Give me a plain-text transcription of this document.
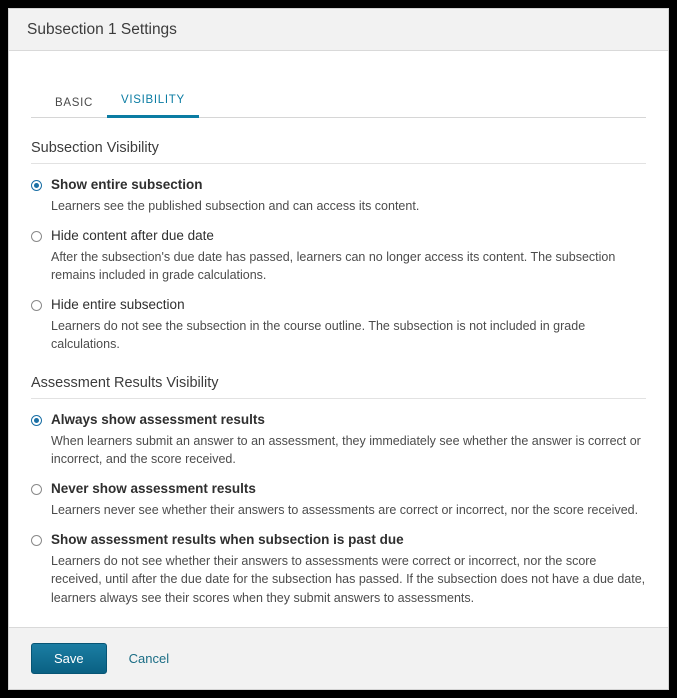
Subsection 1 Settings
BASIC	VISIBILITY
Subsection Visibility
Show entire subsection
Learners see the published subsection and can access its content.
Hide content after due date
After the subsection's due date has passed, learners can no longer access its content. The subsection remains included in grade calculations.
Hide entire subsection
Learners do not see the subsection in the course outline. The subsection is not included in grade calculations.
Assessment Results Visibility
Always show assessment results
When learners submit an answer to an assessment, they immediately see whether the answer is correct or incorrect, and the score received.
Never show assessment results
Learners never see whether their answers to assessments are correct or incorrect, nor the score received.
Show assessment results when subsection is past due
Learners do not see whether their answers to assessments were correct or incorrect, nor the score received, until after the due date for the subsection has passed. If the subsection does not have a due date, learners always see their scores when they submit answers to assessments.
Save	Cancel
